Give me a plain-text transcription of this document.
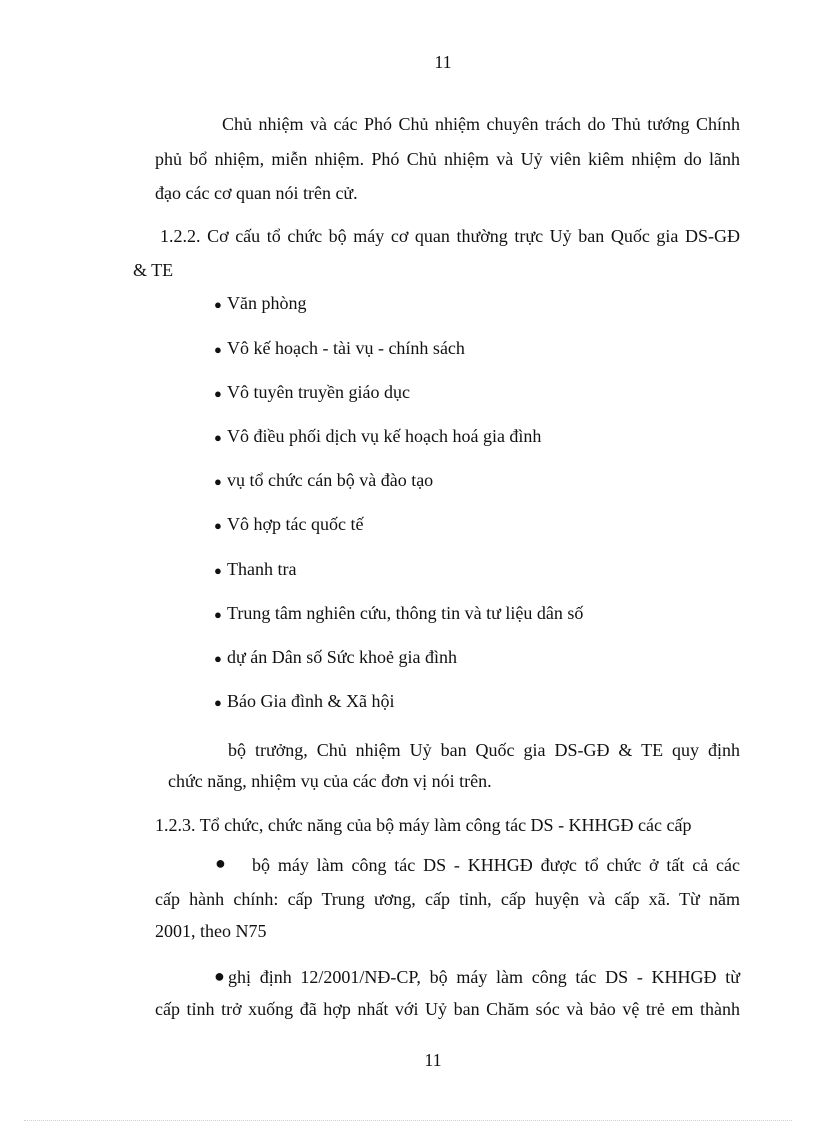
11
Chủ nhiệm và các Phó Chủ nhiệm chuyên trách do Thủ tướng Chính
phủ bổ nhiệm, miễn nhiệm. Phó Chủ nhiệm và Uỷ viên kiêm nhiệm do lãnh
đạo các cơ quan nói trên cử.
1.2.2. Cơ cấu tổ chức bộ máy cơ quan thường trực Uỷ ban Quốc gia DS-GĐ
& TE
● Văn phòng
● Vô kế hoạch - tài vụ - chính sách
● Vô tuyên truyền giáo dục
● Vô điều phối dịch vụ kế hoạch hoá gia đình
● vụ tổ chức cán bộ và đào tạo
● Vô hợp tác quốc tế
● Thanh tra
● Trung tâm nghiên cứu, thông tin và tư liệu dân số
● dự án Dân số Sức khoẻ gia đình
● Báo Gia đình & Xã hội
bộ trưởng, Chủ nhiệm Uỷ ban Quốc gia DS-GĐ & TE quy định
chức năng, nhiệm vụ của các đơn vị nói trên.
1.2.3. Tổ chức, chức năng của bộ máy làm công tác DS - KHHGĐ các cấp
● bộ máy làm công tác DS - KHHGĐ được tổ chức ở tất cả các
cấp hành chính: cấp Trung ương, cấp tỉnh, cấp huyện và cấp xã. Từ năm
2001, theo N75
● ghị định 12/2001/NĐ-CP, bộ máy làm công tác DS - KHHGĐ từ
cấp tỉnh trở xuống đã hợp nhất với Uỷ ban Chăm sóc và bảo vệ trẻ em thành
11
